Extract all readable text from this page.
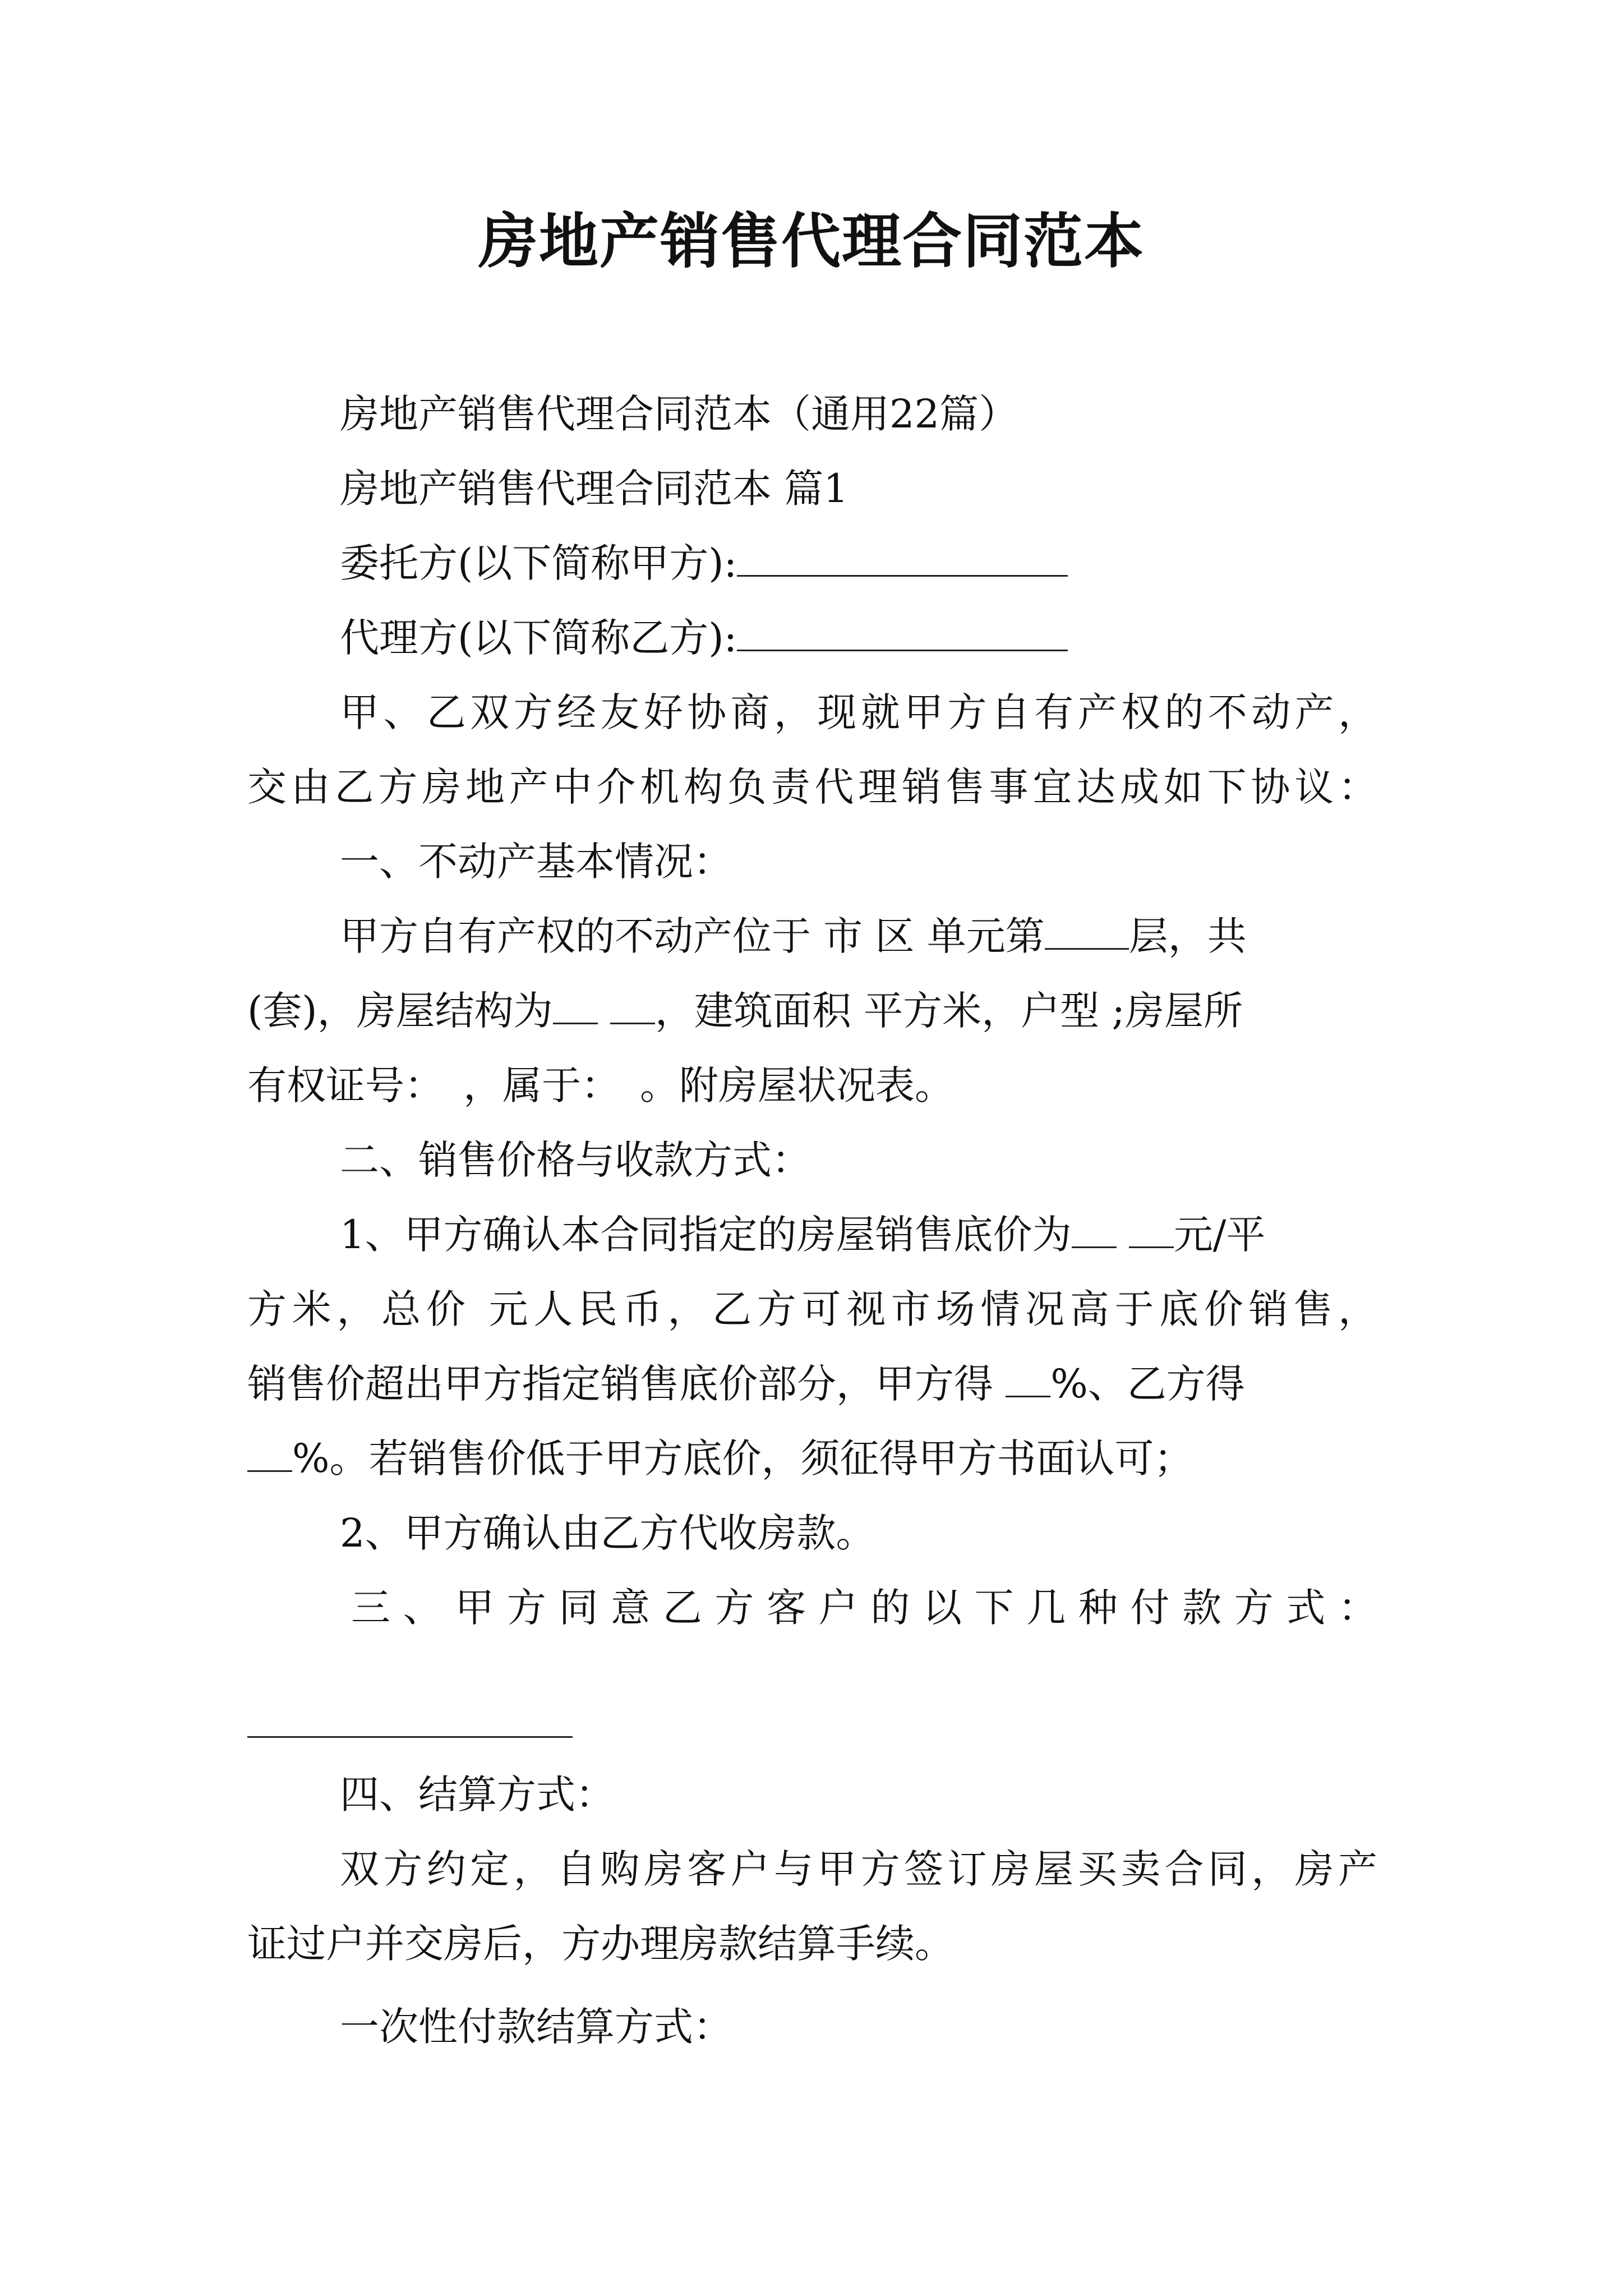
房地产销售代理合同范本
房地产销售代理合同范本（通用22篇）
房地产销售代理合同范本 篇1
委托方(以下简称甲方):
代理方(以下简称乙方):
甲、乙双方经友好协商，现就甲方自有产权的不动产，
交由乙方房地产中介机构负责代理销售事宜达成如下协议：
一、不动产基本情况：
甲方自有产权的不动产位于 市 区 单元第 层，共
(套)，房屋结构为	，建筑面积 平方米，户型 ;房屋所
有权证号：　，属于：　。附房屋状况表。
二、销售价格与收款方式：
1、甲方确认本合同指定的房屋销售底价为	元/平
方米，总价 元人民币，乙方可视市场情况高于底价销售，
销售价超出甲方指定销售底价部分，甲方得 %、乙方得
%。若销售价低于甲方底价，须征得甲方书面认可；
2、甲方确认由乙方代收房款。
三、甲方同意乙方客户的以下几种付款方式：
四、结算方式：
双方约定，自购房客户与甲方签订房屋买卖合同，房产
证过户并交房后，方办理房款结算手续。
一次性付款结算方式：
